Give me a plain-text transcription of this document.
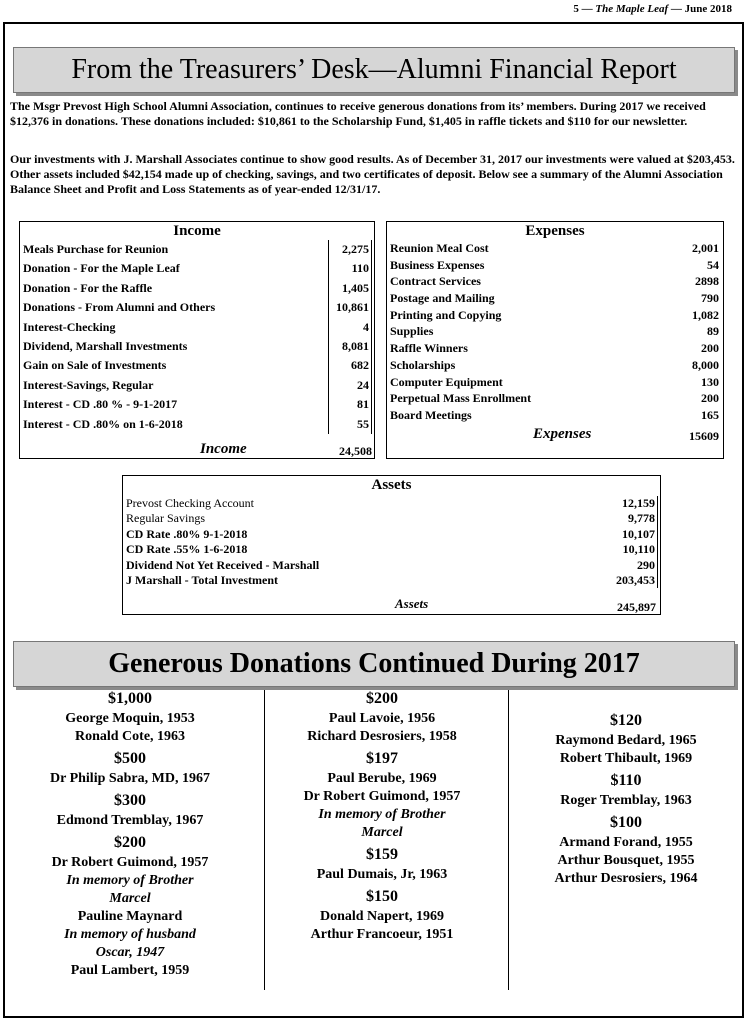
5 — The Maple Leaf — June 2018
From the Treasurers’ Desk—Alumni Financial Report
The Msgr Prevost High School Alumni Association, continues to receive generous donations from its’ members. During 2017 we received $12,376 in donations. These donations included: $10,861 to the Scholarship Fund, $1,405 in raffle tickets and $110 for our newsletter.
Our investments with J. Marshall Associates continue to show good results. As of December 31, 2017 our investments were valued at $203,453. Other assets included $42,154 made up of checking, savings, and two certificates of deposit. Below see a summary of the Alumni Association Balance Sheet and Profit and Loss Statements as of year-ended 12/31/17.
Income
Meals Purchase for Reunion	2,275
Donation - For the Maple Leaf	110
Donation - For the Raffle	1,405
Donations - From Alumni and Others	10,861
Interest-Checking	4
Dividend, Marshall Investments	8,081
Gain on Sale of Investments	682
Interest-Savings, Regular	24
Interest - CD .80 % - 9-1-2017	81
Interest - CD .80% on 1-6-2018	55
Income	24,508
Expenses
Reunion Meal Cost	2,001
Business Expenses	54
Contract Services	2898
Postage and Mailing	790
Printing and Copying	1,082
Supplies	89
Raffle Winners	200
Scholarships	8,000
Computer Equipment	130
Perpetual Mass Enrollment	200
Board Meetings	165
Expenses	15609
Assets
Prevost Checking Account	12,159
Regular Savings	9,778
CD Rate .80% 9-1-2018	10,107
CD Rate .55% 1-6-2018	10,110
Dividend Not Yet Received - Marshall	290
J Marshall - Total Investment	203,453
Assets	245,897
Generous Donations Continued During 2017
$1,000
George Moquin, 1953
Ronald Cote, 1963
$500
Dr Philip Sabra, MD, 1967
$300
Edmond Tremblay, 1967
$200
Dr Robert Guimond, 1957
In memory of Brother
Marcel
Pauline Maynard
In memory of husband
Oscar, 1947
Paul Lambert, 1959
$200
Paul Lavoie, 1956
Richard Desrosiers, 1958
$197
Paul Berube, 1969
Dr Robert Guimond, 1957
In memory of Brother
Marcel
$159
Paul Dumais, Jr, 1963
$150
Donald Napert, 1969
Arthur Francoeur, 1951
$120
Raymond Bedard, 1965
Robert Thibault, 1969
$110
Roger Tremblay, 1963
$100
Armand Forand, 1955
Arthur Bousquet, 1955
Arthur Desrosiers, 1964
